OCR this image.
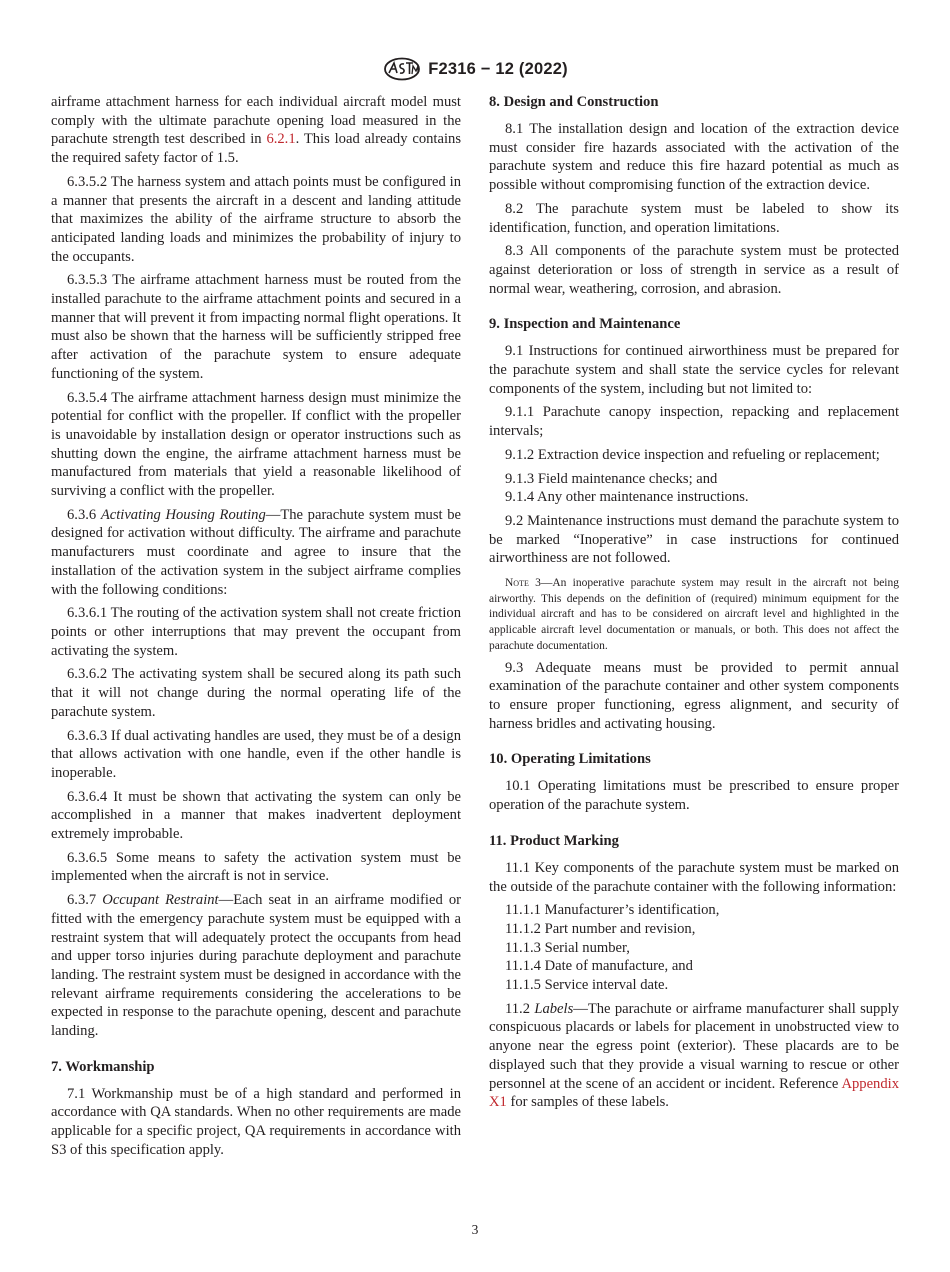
F2316 − 12 (2022)

airframe attachment harness for each individual aircraft model must comply with the ultimate parachute opening load measured in the parachute strength test described in 6.2.1. This load already contains the required safety factor of 1.5.

6.3.5.2 The harness system and attach points must be configured in a manner that presents the aircraft in a descent and landing attitude that maximizes the ability of the airframe structure to absorb the anticipated landing loads and minimizes the probability of injury to the occupants.

6.3.5.3 The airframe attachment harness must be routed from the installed parachute to the airframe attachment points and secured in a manner that will prevent it from impacting normal flight operations. It must also be shown that the harness will be sufficiently stripped free after activation of the parachute system to ensure adequate functioning of the system.

6.3.5.4 The airframe attachment harness design must minimize the potential for conflict with the propeller. If conflict with the propeller is unavoidable by installation design or operator instructions such as shutting down the engine, the airframe attachment harness must be manufactured from materials that yield a reasonable likelihood of surviving a conflict with the propeller.

6.3.6 Activating Housing Routing—The parachute system must be designed for activation without difficulty. The airframe and parachute manufacturers must coordinate and agree to insure that the installation of the activation system in the subject airframe complies with the following conditions:

6.3.6.1 The routing of the activation system shall not create friction points or other interruptions that may prevent the occupant from activating the system.

6.3.6.2 The activating system shall be secured along its path such that it will not change during the normal operating life of the parachute system.

6.3.6.3 If dual activating handles are used, they must be of a design that allows activation with one handle, even if the other handle is inoperable.

6.3.6.4 It must be shown that activating the system can only be accomplished in a manner that makes inadvertent deployment extremely improbable.

6.3.6.5 Some means to safety the activation system must be implemented when the aircraft is not in service.

6.3.7 Occupant Restraint—Each seat in an airframe modified or fitted with the emergency parachute system must be equipped with a restraint system that will adequately protect the occupants from head and upper torso injuries during parachute deployment and parachute landing. The restraint system must be designed in accordance with the relevant airframe requirements considering the accelerations to be expected in response to the parachute opening, descent and parachute landing.

7. Workmanship

7.1 Workmanship must be of a high standard and performed in accordance with QA standards. When no other requirements are made applicable for a specific project, QA requirements in accordance with S3 of this specification apply.

8. Design and Construction

8.1 The installation design and location of the extraction device must consider fire hazards associated with the activation of the parachute system and reduce this fire hazard potential as much as possible without compromising function of the extraction device.

8.2 The parachute system must be labeled to show its identification, function, and operation limitations.

8.3 All components of the parachute system must be protected against deterioration or loss of strength in service as a result of normal wear, weathering, corrosion, and abrasion.

9. Inspection and Maintenance

9.1 Instructions for continued airworthiness must be prepared for the parachute system and shall state the service cycles for relevant components of the system, including but not limited to:

9.1.1 Parachute canopy inspection, repacking and replacement intervals;

9.1.2 Extraction device inspection and refueling or replacement;

9.1.3 Field maintenance checks; and

9.1.4 Any other maintenance instructions.

9.2 Maintenance instructions must demand the parachute system to be marked “Inoperative” in case instructions for continued airworthiness are not followed.

Note 3—An inoperative parachute system may result in the aircraft not being airworthy. This depends on the definition of (required) minimum equipment for the individual aircraft and has to be considered on aircraft level and highlighted in the applicable aircraft level documentation or manuals, or both. This does not affect the parachute documentation.

9.3 Adequate means must be provided to permit annual examination of the parachute container and other system components to ensure proper functioning, egress alignment, and security of harness bridles and activating housing.

10. Operating Limitations

10.1 Operating limitations must be prescribed to ensure proper operation of the parachute system.

11. Product Marking

11.1 Key components of the parachute system must be marked on the outside of the parachute container with the following information:

11.1.1 Manufacturer’s identification,

11.1.2 Part number and revision,

11.1.3 Serial number,

11.1.4 Date of manufacture, and

11.1.5 Service interval date.

11.2 Labels—The parachute or airframe manufacturer shall supply conspicuous placards or labels for placement in unobstructed view to anyone near the egress point (exterior). These placards are to be displayed such that they provide a visual warning to rescue or other personnel at the scene of an accident or incident. Reference Appendix X1 for samples of these labels.

3
